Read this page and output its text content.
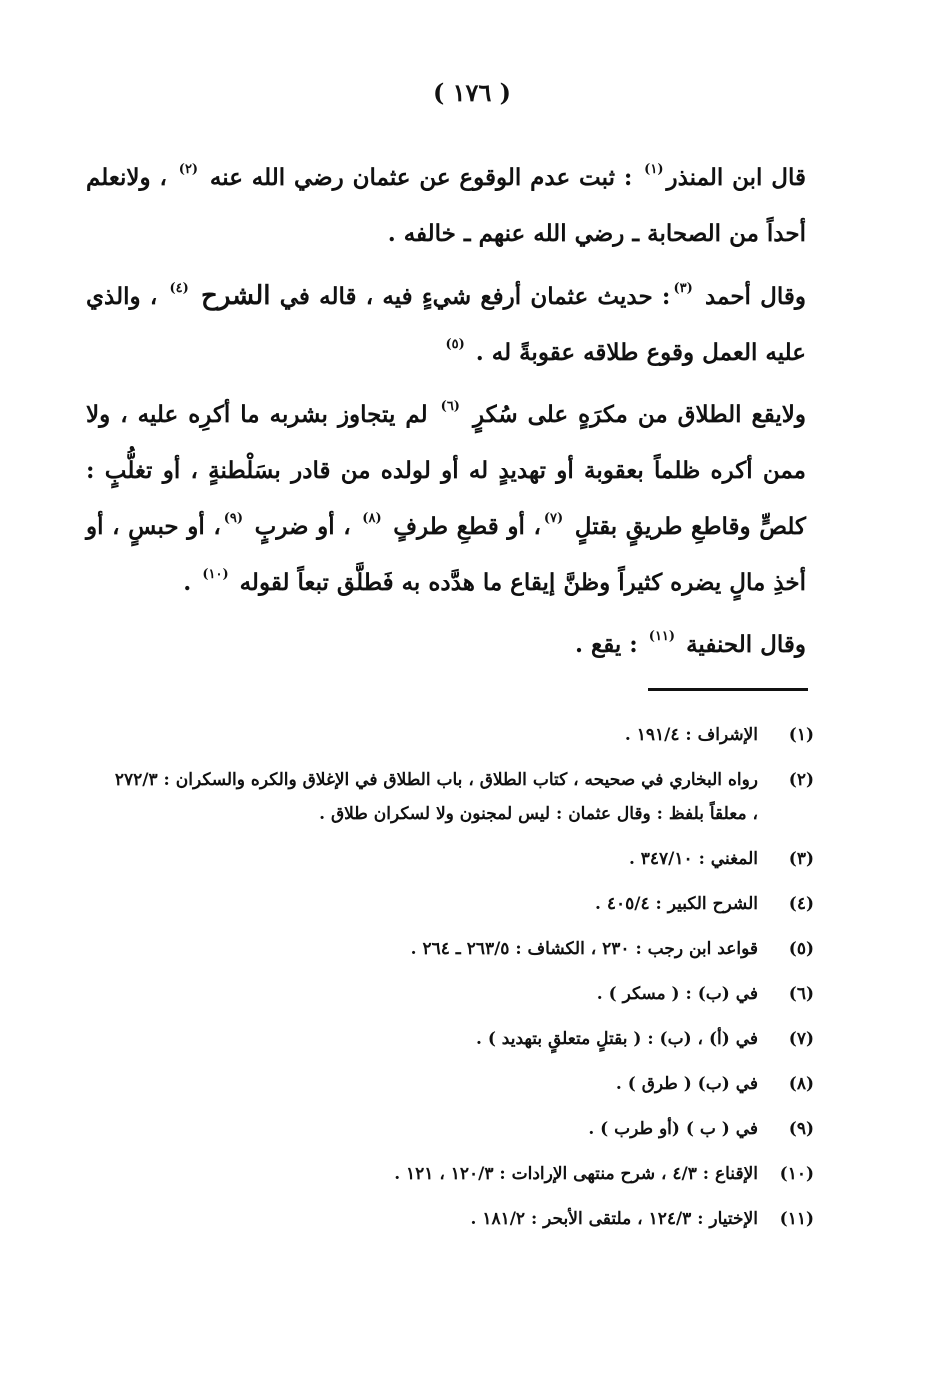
( ١٧٦ )

قال ابن المنذر$^{(١)}$ : ثبت عدم الوقوع عن عثمان رضي الله عنه $^{(٢)}$ ، ولانعلم أحداً من الصحابة ـ رضي الله عنهم ـ خالفه .

وقال أحمد $^{(٣)}$: حديث عثمان أرفع شيءٍ فيه ، قاله في الشرح $^{(٤)}$ ، والذي عليه العمل وقوع طلاقه عقوبةً له . $^{(٥)}$

ولايقع الطلاق من مكرَهٍ على سُكرٍ $^{(٦)}$ لم يتجاوز بشربه ما أكرِه عليه ، ولا ممن أكره ظلماً بعقوبة أو تهديدٍ له أو لولده من قادر بسَلْطنةٍ ، أو تغلُّبٍ : كلصٍّ وقاطعِ طريقٍ بقتلٍ $^{(٧)}$، أو قطعِ طرفٍ $^{(٨)}$ ، أو ضربٍ $^{(٩)}$، أو حبسٍ ، أو أخذِ مالٍ يضره كثيراً وظنَّ إيقاع ما هدَّده به فَطلَّق تبعاً لقوله $^{(١٠)}$ .

وقال الحنفية $^{(١١)}$ : يقع .

(١)
الإشراف : ١٩١/٤ .
(٢)
رواه البخاري في صحيحه ، كتاب الطلاق ، باب الطلاق في الإغلاق والكره والسكران : ٢٧٢/٣ ، معلقاً بلفظ : وقال عثمان : ليس لمجنون ولا لسكران طلاق .
(٣)
المغني : ٣٤٧/١٠ .
(٤)
الشرح الكبير : ٤٠٥/٤ .
(٥)
قواعد ابن رجب : ٢٣٠ ، الكشاف : ٢٦٣/٥ ـ ٢٦٤ .
(٦)
في (ب) : ( مسكر ) .
(٧)
في (أ) ، (ب) : ( بقتلٍ متعلقٍ بتهديد ) .
(٨)
في (ب) ( طرق ) .
(٩)
في ( ب ) (أو طرب ) .
(١٠)
الإقناع : ٤/٣ ، شرح منتهى الإرادات : ١٢٠/٣ ، ١٢١ .
(١١)
الإختيار : ١٢٤/٣ ، ملتقى الأبحر : ١٨١/٢ .
